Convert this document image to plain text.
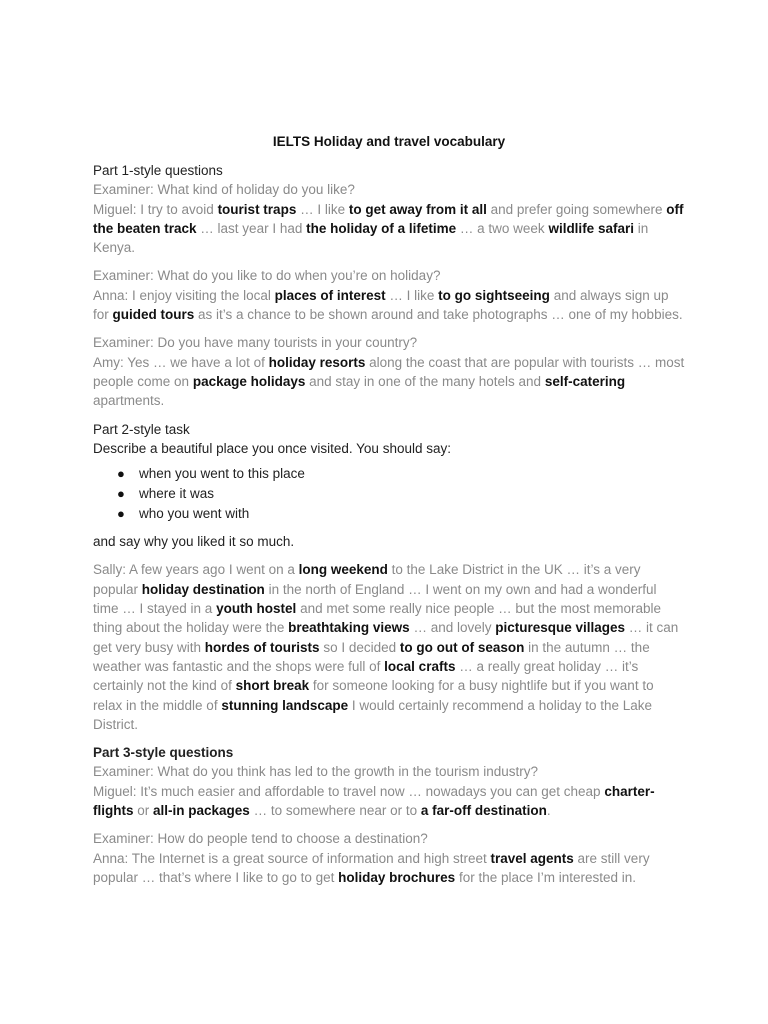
IELTS Holiday and travel vocabulary

Part 1-style questions

Examiner: What kind of holiday do you like?

Miguel: I try to avoid tourist traps … I like to get away from it all and prefer going somewhere off the beaten track … last year I had the holiday of a lifetime … a two week wildlife safari in Kenya.

Examiner: What do you like to do when you’re on holiday?

Anna: I enjoy visiting the local places of interest … I like to go sightseeing and always sign up for guided tours as it’s a chance to be shown around and take photographs … one of my hobbies.

Examiner: Do you have many tourists in your country?

Amy: Yes … we have a lot of holiday resorts along the coast that are popular with tourists … most people come on package holidays and stay in one of the many hotels and self-catering apartments.

Part 2-style task

Describe a beautiful place you once visited. You should say:

● when you went to this place
● where it was
● who you went with

and say why you liked it so much.

Sally: A few years ago I went on a long weekend to the Lake District in the UK … it’s a very popular holiday destination in the north of England … I went on my own and had a wonderful time … I stayed in a youth hostel and met some really nice people … but the most memorable thing about the holiday were the breathtaking views … and lovely picturesque villages … it can get very busy with hordes of tourists so I decided to go out of season in the autumn … the weather was fantastic and the shops were full of local crafts … a really great holiday … it’s certainly not the kind of short break for someone looking for a busy nightlife but if you want to relax in the middle of stunning landscape I would certainly recommend a holiday to the Lake District.

Part 3-style questions

Examiner: What do you think has led to the growth in the tourism industry?

Miguel: It’s much easier and affordable to travel now … nowadays you can get cheap charter-flights or all-in packages … to somewhere near or to a far-off destination.

Examiner: How do people tend to choose a destination?

Anna: The Internet is a great source of information and high street travel agents are still very popular … that’s where I like to go to get holiday brochures for the place I’m interested in.
